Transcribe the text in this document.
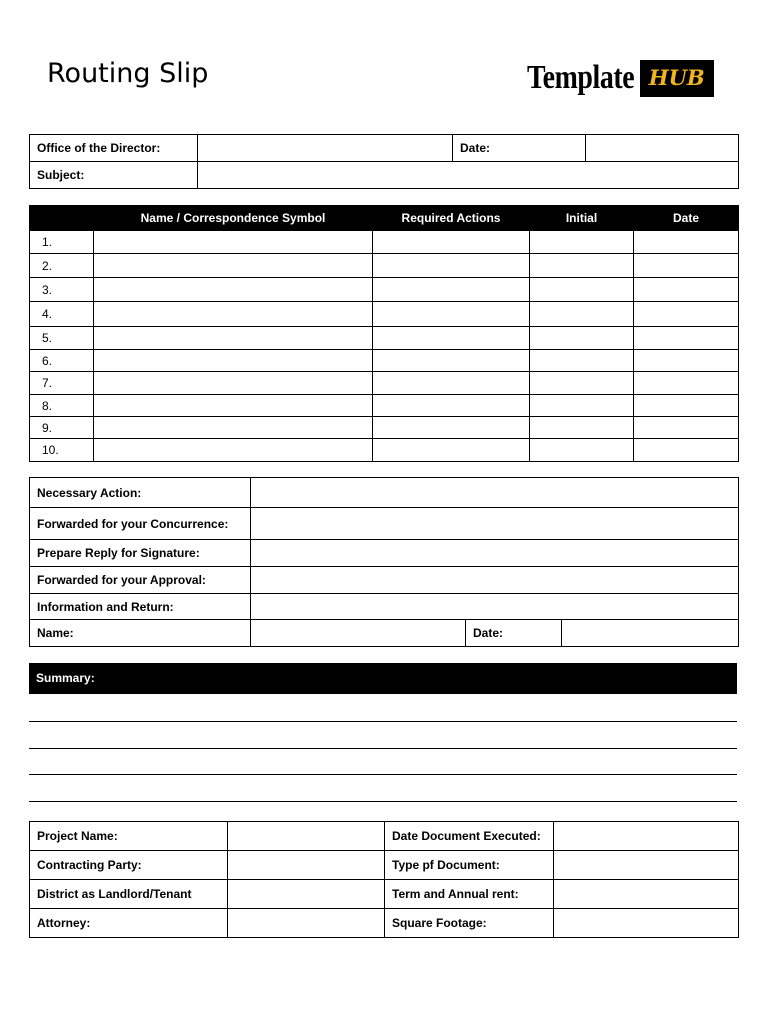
Routing Slip	Template HUB
Office of the Director:		Date:	
Subject:			
	Name / Correspondence Symbol	Required Actions	Initial	Date
1.				
2.				
3.				
4.				
5.				
6.				
7.				
8.				
9.				
10.				
Necessary Action:			
Forwarded for your Concurrence:			
Prepare Reply for Signature:			
Forwarded for your Approval:			
Information and Return:			
Name:		Date:	
Summary:
Project Name:		Date Document Executed:	
Contracting Party:		Type pf Document:	
District as Landlord/Tenant		Term and Annual rent:	
Attorney:		Square Footage:	
